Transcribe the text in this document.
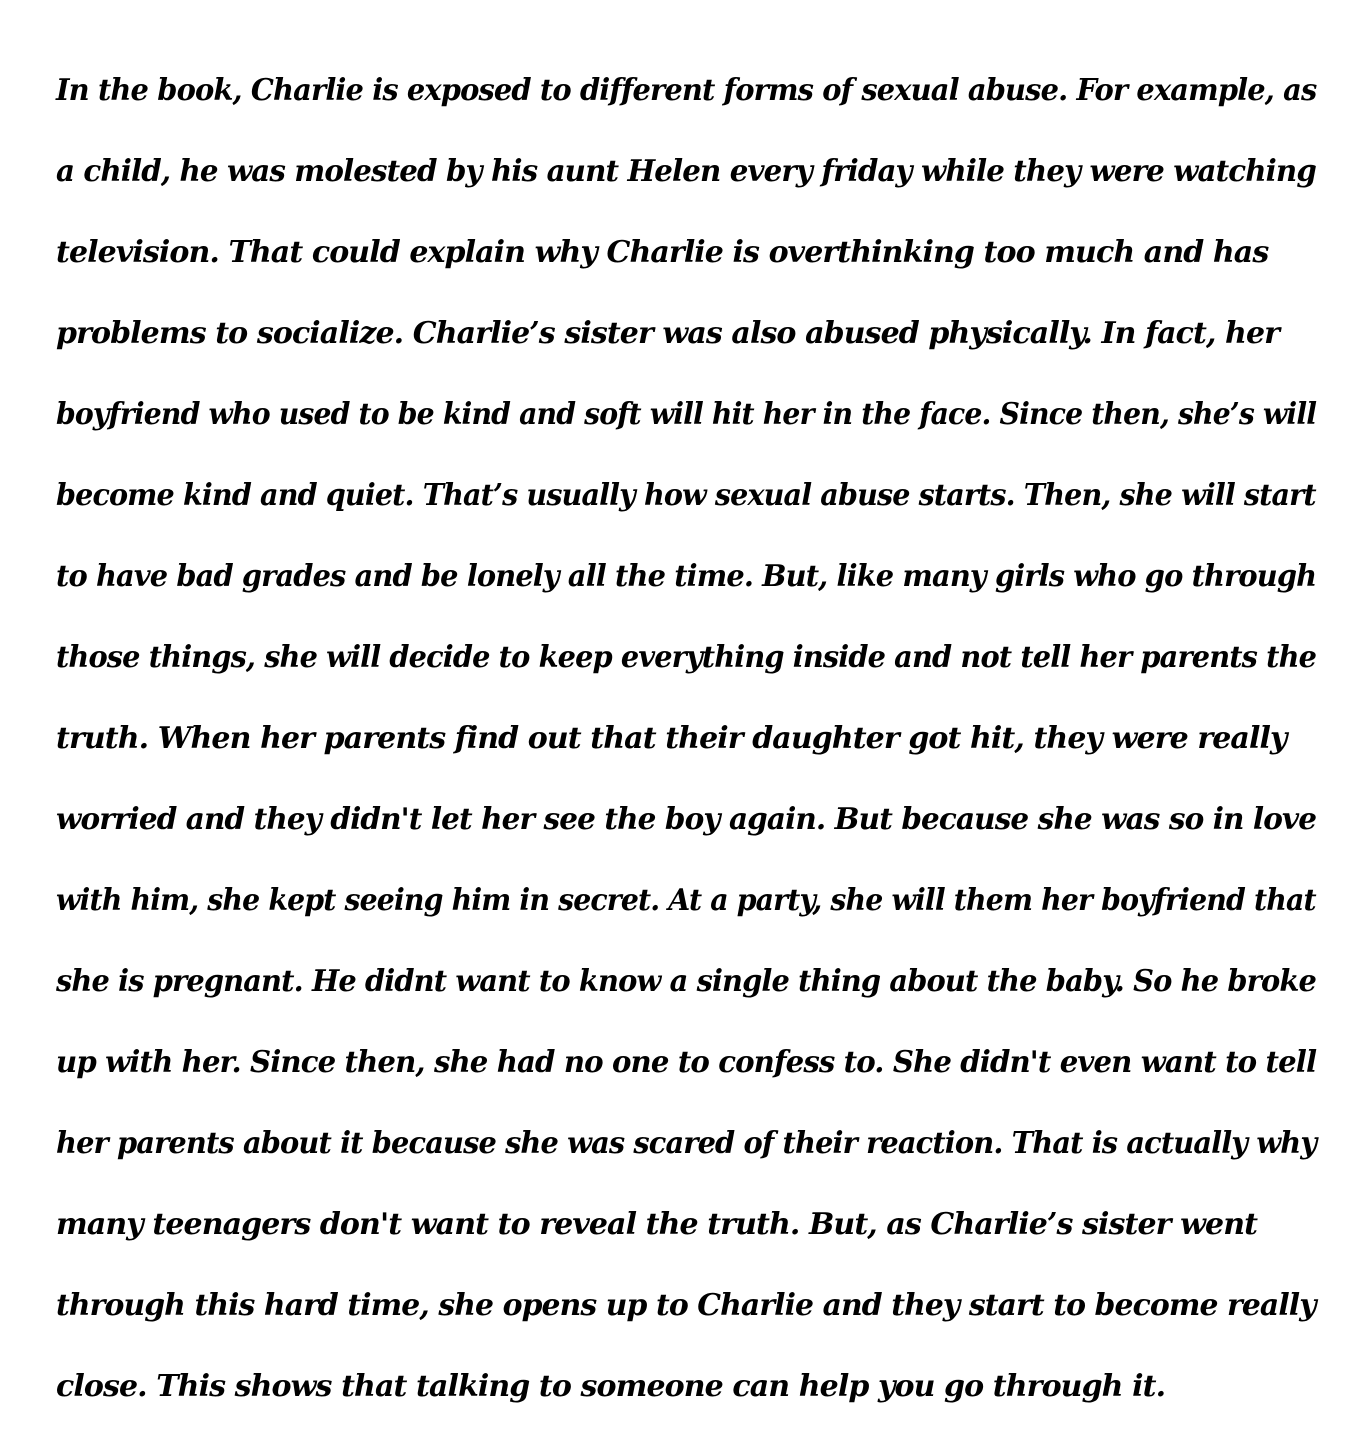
In the book, Charlie is exposed to different forms of sexual abuse. For example, as
a child, he was molested by his aunt Helen every friday while they were watching
television. That could explain why Charlie is overthinking too much and has
problems to socialize. Charlie’s sister was also abused physically. In fact, her
boyfriend who used to be kind and soft will hit her in the face. Since then, she’s will
become kind and quiet. That’s usually how sexual abuse starts. Then, she will start
to have bad grades and be lonely all the time. But, like many girls who go through
those things, she will decide to keep everything inside and not tell her parents the
truth. When her parents find out that their daughter got hit, they were really
worried and they didn't let her see the boy again. But because she was so in love
with him, she kept seeing him in secret. At a party, she will them her boyfriend that
she is pregnant. He didnt want to know a single thing about the baby. So he broke
up with her. Since then, she had no one to confess to. She didn't even want to tell
her parents about it because she was scared of their reaction. That is actually why
many teenagers don't want to reveal the truth. But, as Charlie’s sister went
through this hard time, she opens up to Charlie and they start to become really
close. This shows that talking to someone can help you go through it.
